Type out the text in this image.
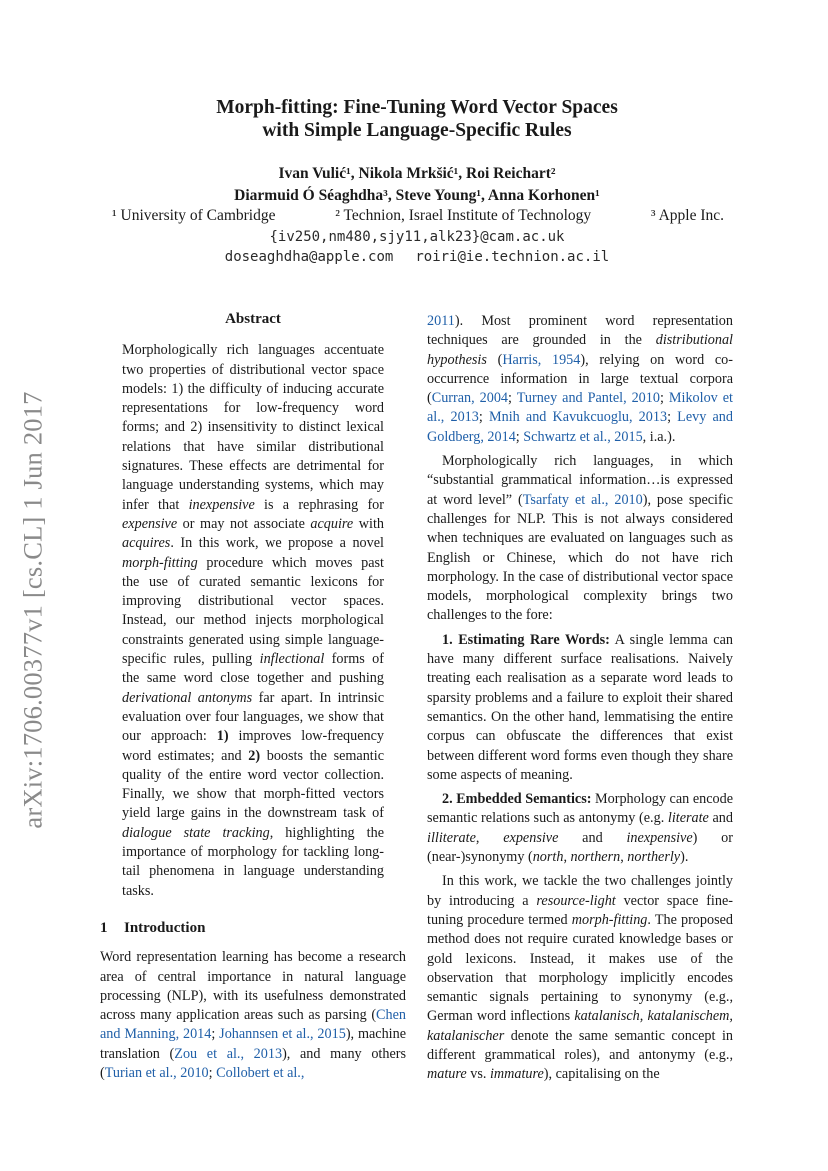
arXiv:1706.00377v1 [cs.CL] 1 Jun 2017
Morph-fitting: Fine-Tuning Word Vector Spaces
with Simple Language-Specific Rules
Ivan Vulić¹, Nikola Mrkšić¹, Roi Reichart²
Diarmuid Ó Séaghdha³, Steve Young¹, Anna Korhonen¹
¹ University of Cambridge	² Technion, Israel Institute of Technology	³ Apple Inc.
{iv250,nm480,sjy11,alk23}@cam.ac.uk
doseaghdha@apple.com roiri@ie.technion.ac.il
Abstract

Morphologically rich languages accentuate two properties of distributional vector space models: 1) the difficulty of inducing accurate representations for low-frequency word forms; and 2) insensitivity to distinct lexical relations that have similar distributional signatures. These effects are detrimental for language understanding systems, which may infer that inexpensive is a rephrasing for expensive or may not associate acquire with acquires. In this work, we propose a novel morph-fitting procedure which moves past the use of curated semantic lexicons for improving distributional vector spaces. Instead, our method injects morphological constraints generated using simple language-specific rules, pulling inflectional forms of the same word close together and pushing derivational antonyms far apart. In intrinsic evaluation over four languages, we show that our approach: 1) improves low-frequency word estimates; and 2) boosts the semantic quality of the entire word vector collection. Finally, we show that morph-fitted vectors yield large gains in the downstream task of dialogue state tracking, highlighting the importance of morphology for tackling long-tail phenomena in language understanding tasks.

1 Introduction

Word representation learning has become a research area of central importance in natural language processing (NLP), with its usefulness demonstrated across many application areas such as parsing (Chen and Manning, 2014; Johannsen et al., 2015), machine translation (Zou et al., 2013), and many others (Turian et al., 2010; Collobert et al.,

2011). Most prominent word representation techniques are grounded in the distributional hypothesis (Harris, 1954), relying on word co-occurrence information in large textual corpora (Curran, 2004; Turney and Pantel, 2010; Mikolov et al., 2013; Mnih and Kavukcuoglu, 2013; Levy and Goldberg, 2014; Schwartz et al., 2015, i.a.).

Morphologically rich languages, in which “substantial grammatical information…is expressed at word level” (Tsarfaty et al., 2010), pose specific challenges for NLP. This is not always considered when techniques are evaluated on languages such as English or Chinese, which do not have rich morphology. In the case of distributional vector space models, morphological complexity brings two challenges to the fore:

1. Estimating Rare Words: A single lemma can have many different surface realisations. Naively treating each realisation as a separate word leads to sparsity problems and a failure to exploit their shared semantics. On the other hand, lemmatising the entire corpus can obfuscate the differences that exist between different word forms even though they share some aspects of meaning.

2. Embedded Semantics: Morphology can encode semantic relations such as antonymy (e.g. literate and illiterate, expensive and inexpensive) or (near-)synonymy (north, northern, northerly).

In this work, we tackle the two challenges jointly by introducing a resource-light vector space fine-tuning procedure termed morph-fitting. The proposed method does not require curated knowledge bases or gold lexicons. Instead, it makes use of the observation that morphology implicitly encodes semantic signals pertaining to synonymy (e.g., German word inflections katalanisch, katalanischem, katalanischer denote the same semantic concept in different grammatical roles), and antonymy (e.g., mature vs. immature), capitalising on the
